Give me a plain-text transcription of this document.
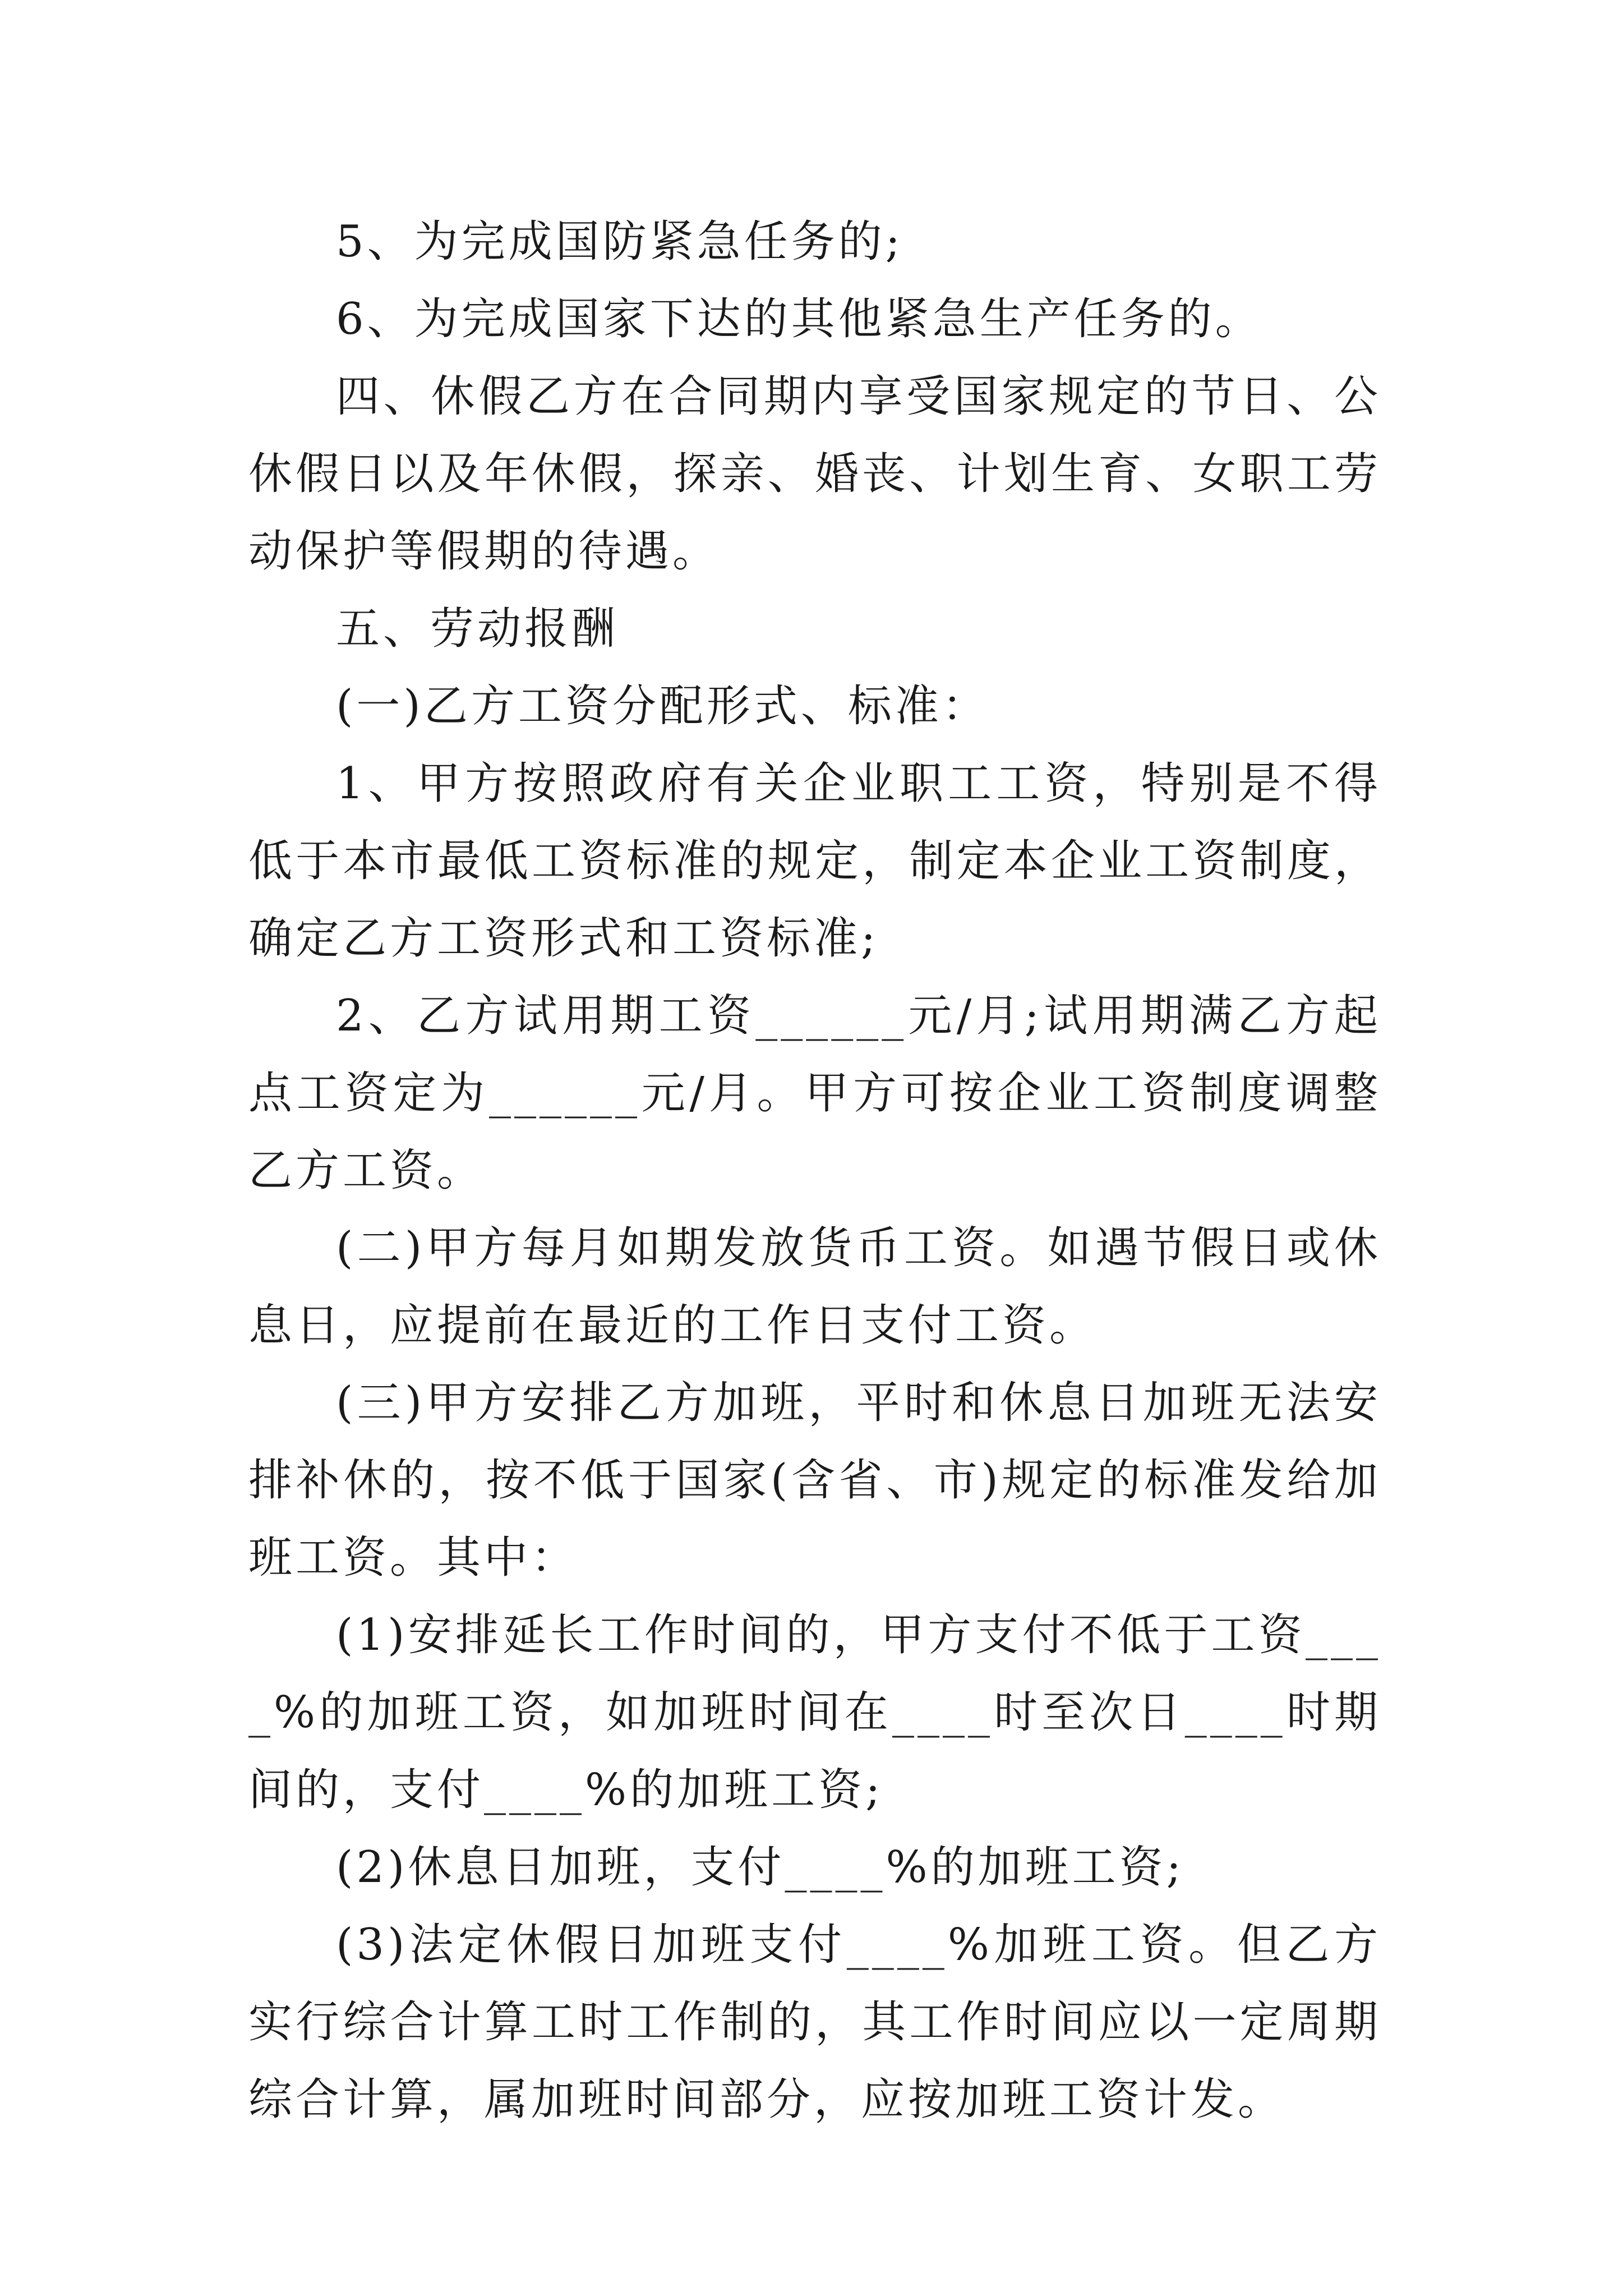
5、为完成国防紧急任务的;

6、为完成国家下达的其他紧急生产任务的。

四、休假乙方在合同期内享受国家规定的节日、公休假日以及年休假，探亲、婚丧、计划生育、女职工劳动保护等假期的待遇。

五、劳动报酬

(一)乙方工资分配形式、标准：

1、甲方按照政府有关企业职工工资，特别是不得低于本市最低工资标准的规定，制定本企业工资制度，确定乙方工资形式和工资标准;

2、乙方试用期工资______元/月;试用期满乙方起点工资定为______元/月。甲方可按企业工资制度调整乙方工资。

(二)甲方每月如期发放货币工资。如遇节假日或休息日，应提前在最近的工作日支付工资。

(三)甲方安排乙方加班，平时和休息日加班无法安排补休的，按不低于国家(含省、市)规定的标准发给加班工资。其中：

(1)安排延长工作时间的，甲方支付不低于工资____%的加班工资，如加班时间在____时至次日____时期间的，支付____%的加班工资;

(2)休息日加班，支付____%的加班工资;

(3)法定休假日加班支付____%加班工资。但乙方实行综合计算工时工作制的，其工作时间应以一定周期综合计算，属加班时间部分，应按加班工资计发。
